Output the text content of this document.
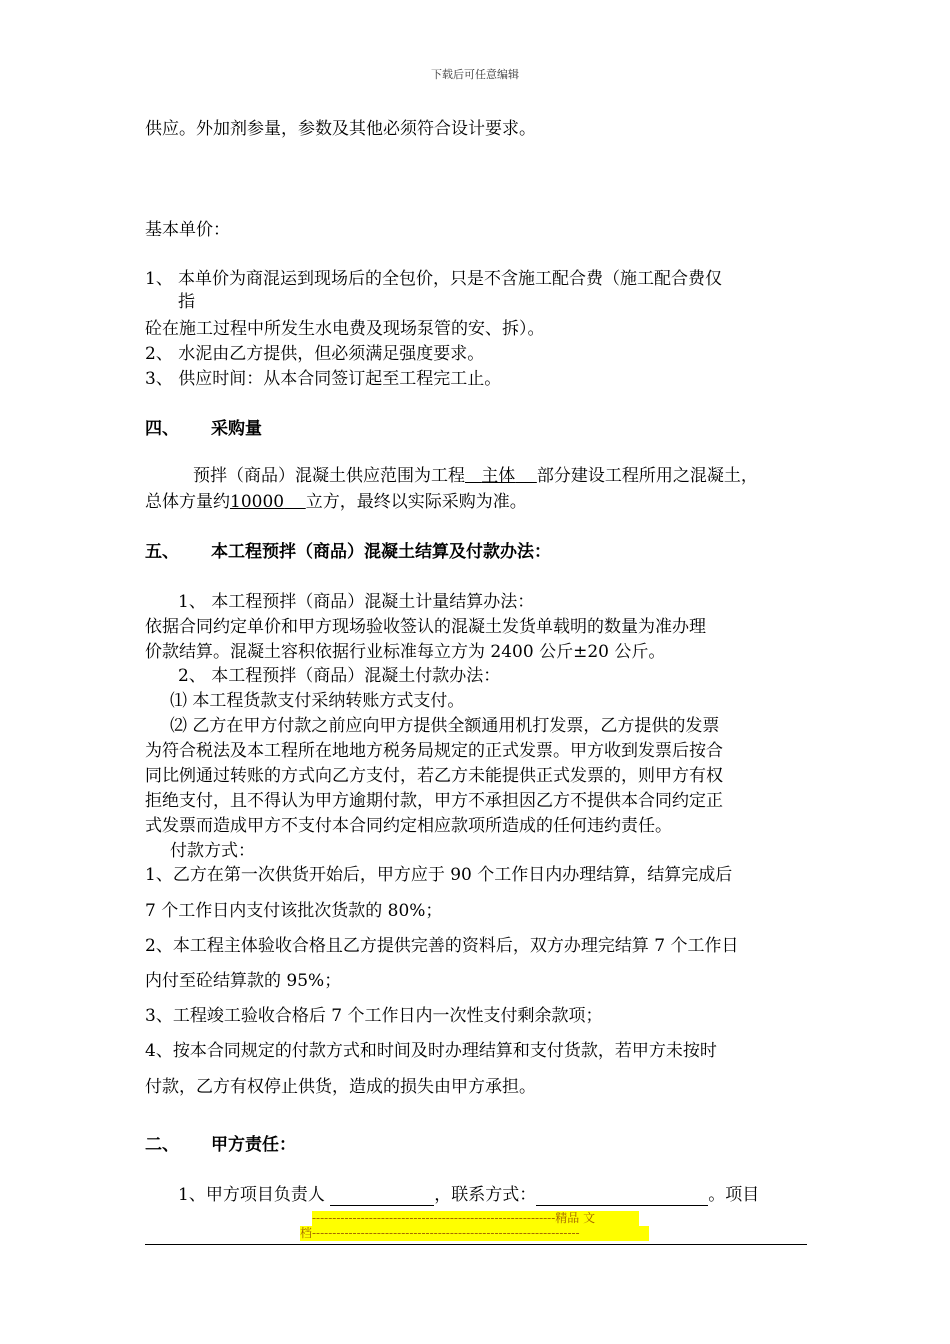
下载后可任意编辑
供应。外加剂参量，参数及其他必须符合设计要求。
基本单价：
1、 本单价为商混运到现场后的全包价，只是不含施工配合费（施工配合费仅
指
砼在施工过程中所发生水电费及现场泵管的安、拆）。
2、 水泥由乙方提供，但必须满足强度要求。
3、 供应时间：从本合同签订起至工程完工止。
四、 采购量
预拌（商品）混凝土供应范围为工程 主体 部分建设工程所用之混凝土，
总体方量约10000 立方，最终以实际采购为准。
五、 本工程预拌（商品）混凝土结算及付款办法：
1、 本工程预拌（商品）混凝土计量结算办法：
依据合同约定单价和甲方现场验收签认的混凝土发货单载明的数量为准办理
价款结算。混凝土容积依据行业标准每立方为 2400 公斤±20 公斤。
2、 本工程预拌（商品）混凝土付款办法：
⑴ 本工程货款支付采纳转账方式支付。
⑵ 乙方在甲方付款之前应向甲方提供全额通用机打发票，乙方提供的发票
为符合税法及本工程所在地地方税务局规定的正式发票。甲方收到发票后按合
同比例通过转账的方式向乙方支付，若乙方未能提供正式发票的，则甲方有权
拒绝支付，且不得认为甲方逾期付款，甲方不承担因乙方不提供本合同约定正
式发票而造成甲方不支付本合同约定相应款项所造成的任何违约责任。
付款方式：
1、乙方在第一次供货开始后，甲方应于 90 个工作日内办理结算，结算完成后
7 个工作日内支付该批次货款的 80%；
2、本工程主体验收合格且乙方提供完善的资料后，双方办理完结算 7 个工作日
内付至砼结算款的 95%；
3、工程竣工验收合格后 7 个工作日内一次性支付剩余款项；
4、按本合同规定的付款方式和时间及时办理结算和支付货款，若甲方未按时
付款，乙方有权停止供货，造成的损失由甲方承担。
二、 甲方责任：
1、甲方项目负责人	，联系方式：	。项目
------------------------------------------------------------精品 文
档------------------------------------------------------------------
